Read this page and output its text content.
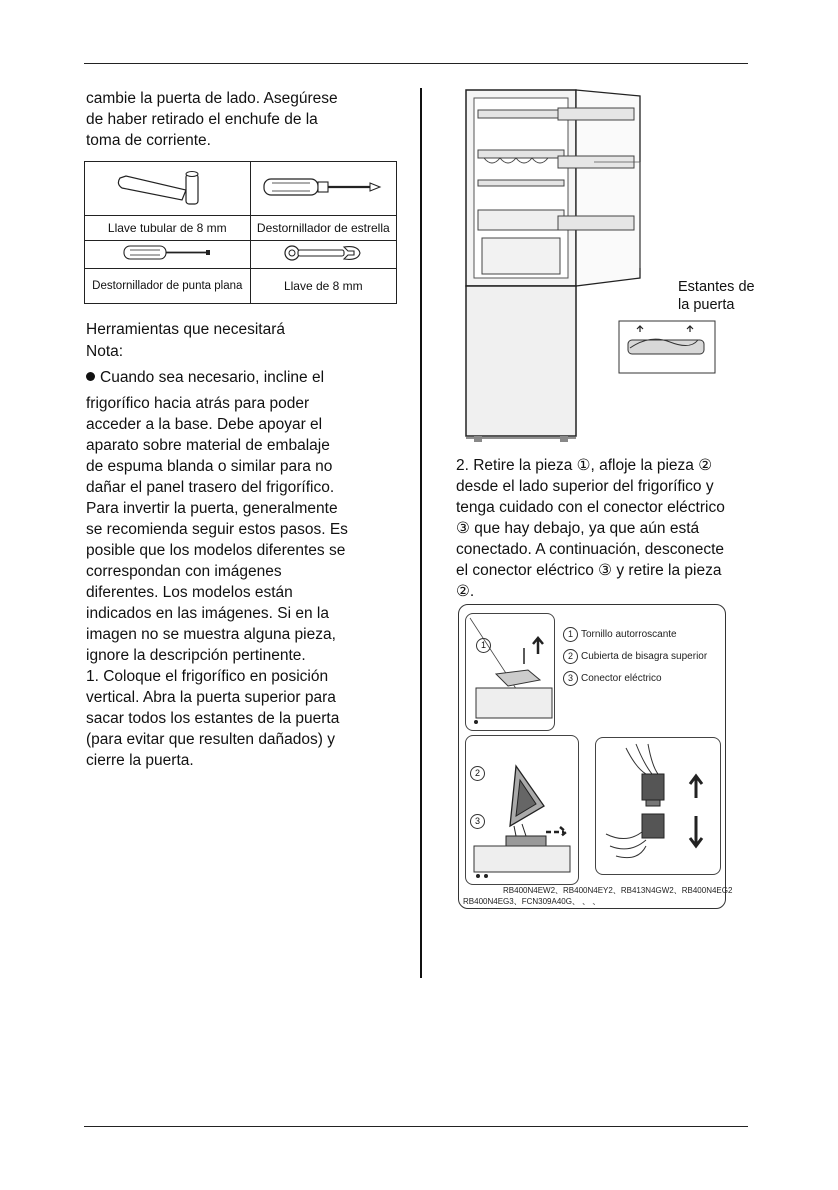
cambie la puerta de lado. Asegúrese
de haber retirado el enchufe de la
toma de corriente.

Llave tubular de 8 mm	Destornillador de estrella

Destornillador de punta plana	Llave de 8 mm
Herramientas que necesitará
Nota:
Cuando sea necesario, incline el
frigorífico hacia atrás para poder
acceder a la base. Debe apoyar el
aparato sobre material de embalaje
de espuma blanda o similar para no
dañar el panel trasero del frigorífico.
Para invertir la puerta, generalmente
se recomienda seguir estos pasos. Es
posible que los modelos diferentes se
correspondan con imágenes
diferentes. Los modelos están
indicados en las imágenes. Si en la
imagen no se muestra alguna pieza,
ignore la descripción pertinente.
1. Coloque el frigorífico en posición
vertical. Abra la puerta superior para
sacar todos los estantes de la puerta
(para evitar que resulten dañados) y
cierre la puerta.
Estantes de
la puerta
2. Retire la pieza ①, afloje la pieza ②
desde el lado superior del frigorífico y
tenga cuidado con el conector eléctrico
③ que hay debajo, ya que aún está
conectado. A continuación, desconecte
el conector eléctrico ③ y retire la pieza
②.
1
1 Tornillo autorroscante
2 Cubierta de bisagra superior
3 Conector eléctrico
2
3
RB400N4EW2、RB400N4EY2、RB413N4GW2、RB400N4EG2
RB400N4EG3、FCN309A40G、 、 、
